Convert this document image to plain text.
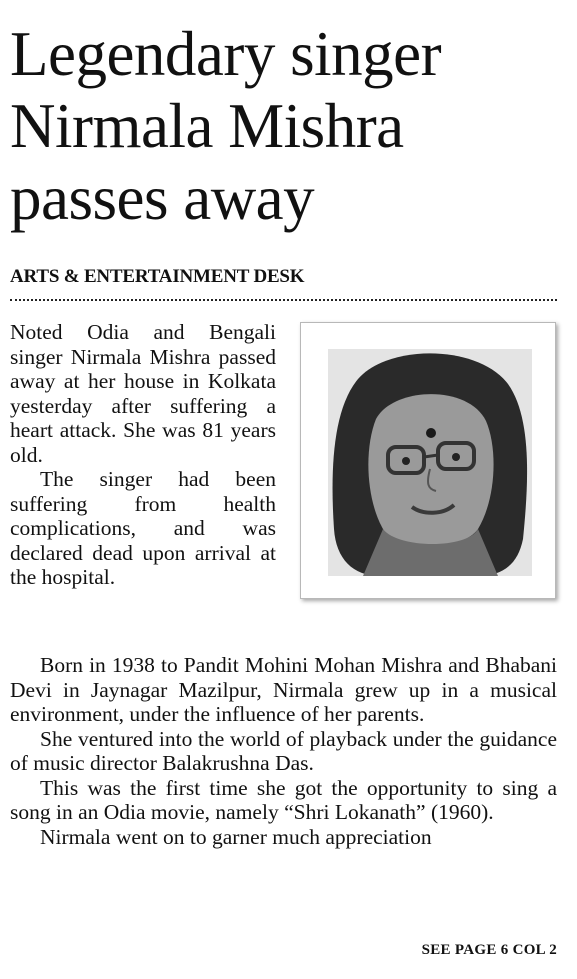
Legendary singer
Nirmala Mishra
passes away
ARTS & ENTERTAINMENT DESK

Noted Odia and Bengali singer Nirmala Mishra passed away at her house in Kolkata yesterday after suffering a heart attack. She was 81 years old.

The singer had been suffering from health complications, and was declared dead upon arrival at the hospital.

Born in 1938 to Pandit Mohini Mohan Mishra and Bhabani Devi in Jaynagar Mazilpur, Nirmala grew up in a musical environment, under the influence of her parents.

She ventured into the world of playback under the guidance of music director Balakrushna Das.

This was the first time she got the opportunity to sing a song in an Odia movie, namely “Shri Lokanath” (1960).

Nirmala went on to garner much appreciation

SEE PAGE 6 COL 2
